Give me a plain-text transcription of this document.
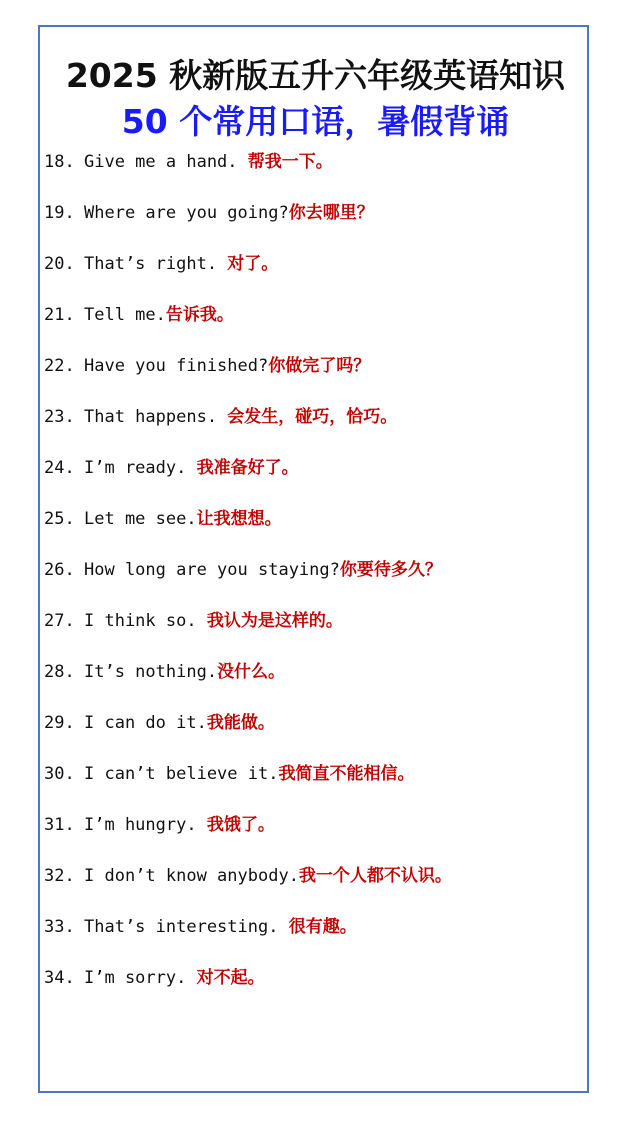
2025 秋新版五升六年级英语知识
50 个常用口语，暑假背诵
18. Give me a hand. 帮我一下。
19. Where are you going?你去哪里？
20. That’s right. 对了。
21. Tell me.告诉我。
22. Have you finished?你做完了吗？
23. That happens. 会发生，碰巧，恰巧。
24. I’m ready. 我准备好了。
25. Let me see.让我想想。
26. How long are you staying?你要待多久？
27. I think so. 我认为是这样的。
28. It’s nothing.没什么。
29. I can do it.我能做。
30. I can’t believe it.我简直不能相信。
31. I’m hungry. 我饿了。
32. I don’t know anybody.我一个人都不认识。
33. That’s interesting. 很有趣。
34. I’m sorry. 对不起。
